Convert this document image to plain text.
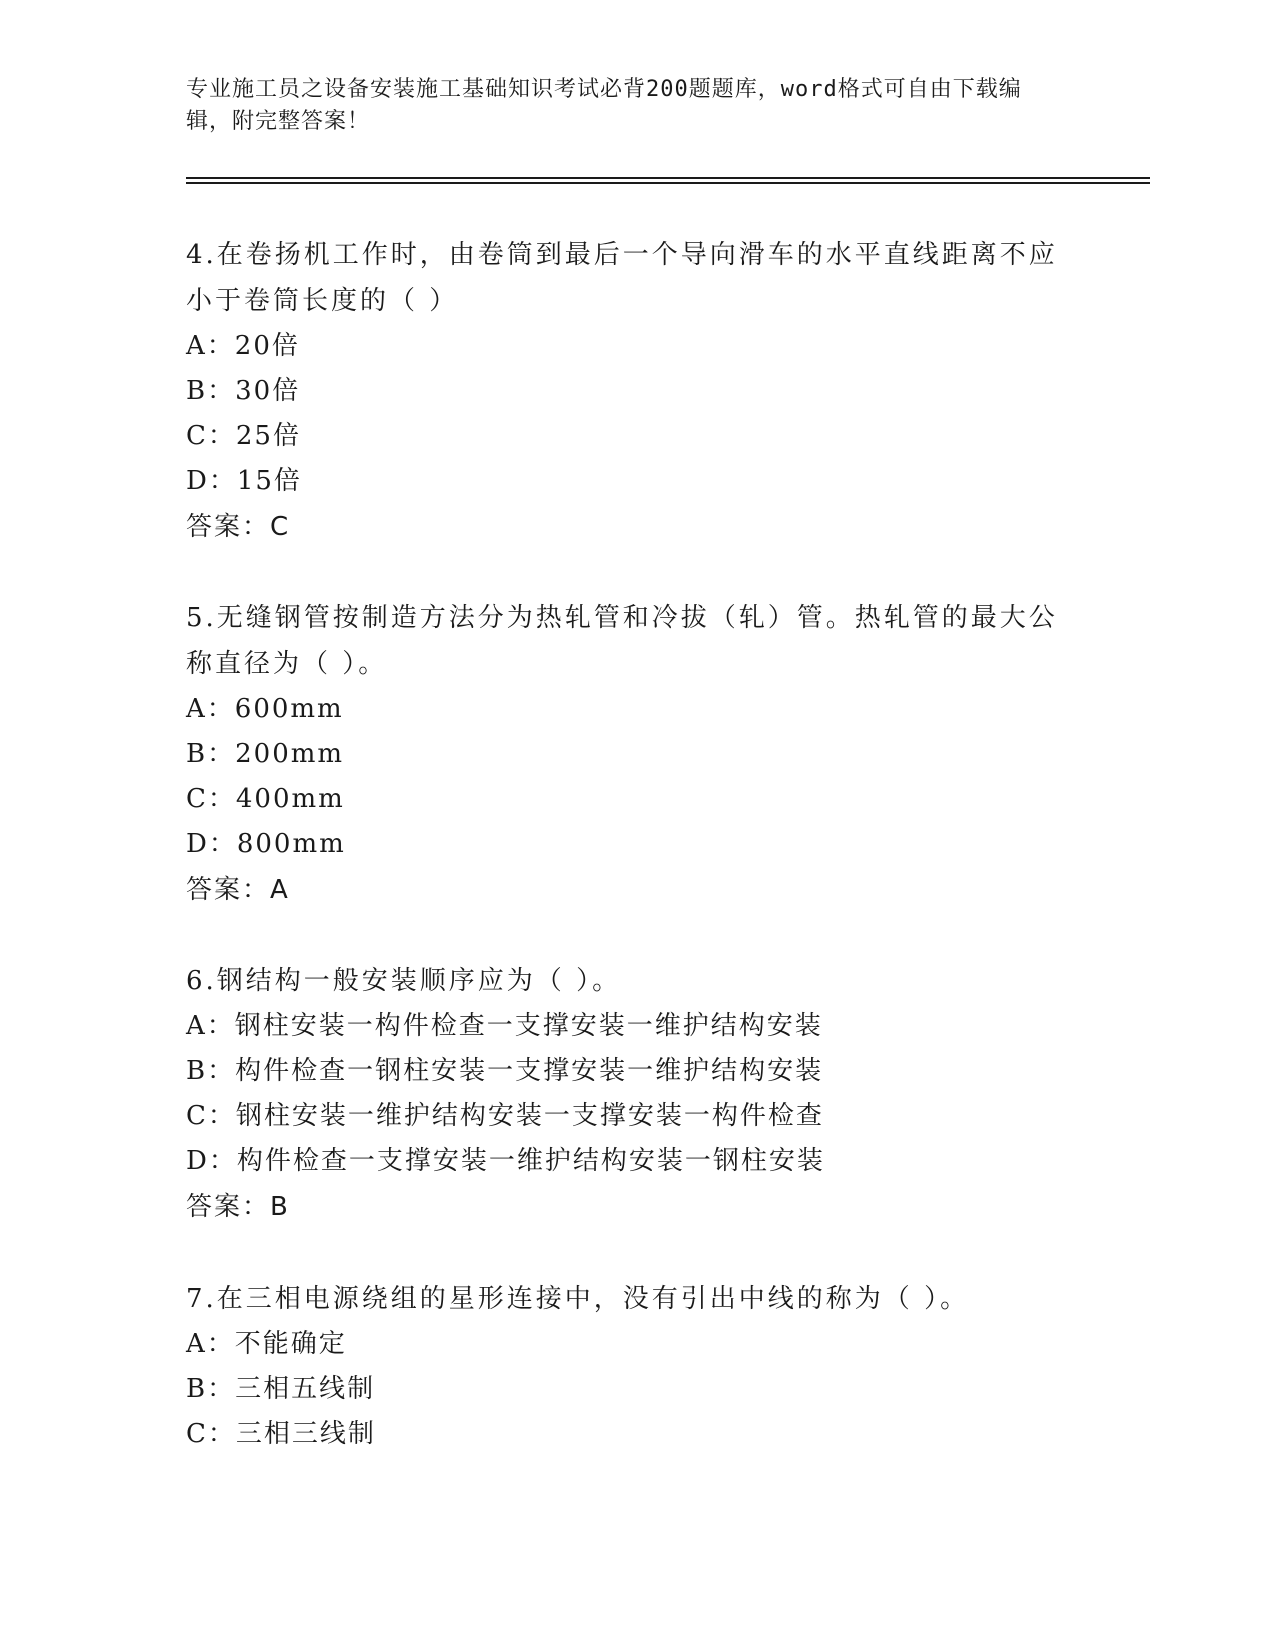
专业施工员之设备安装施工基础知识考试必背200题题库，word格式可自由下载编辑，附完整答案！

4.在卷扬机工作时，由卷筒到最后一个导向滑车的水平直线距离不应小于卷筒长度的（ ）

A：20倍

B：30倍

C：25倍

D：15倍

答案：C

5.无缝钢管按制造方法分为热轧管和冷拔（轧）管。热轧管的最大公称直径为（ ）。

A：600mm

B：200mm

C：400mm

D：800mm

答案：A

6.钢结构一般安装顺序应为（ ）。

A：钢柱安装一构件检查一支撑安装一维护结构安装

B：构件检查一钢柱安装一支撑安装一维护结构安装

C：钢柱安装一维护结构安装一支撑安装一构件检查

D：构件检查一支撑安装一维护结构安装一钢柱安装

答案：B

7.在三相电源绕组的星形连接中，没有引出中线的称为（ ）。

A：不能确定

B：三相五线制

C：三相三线制
